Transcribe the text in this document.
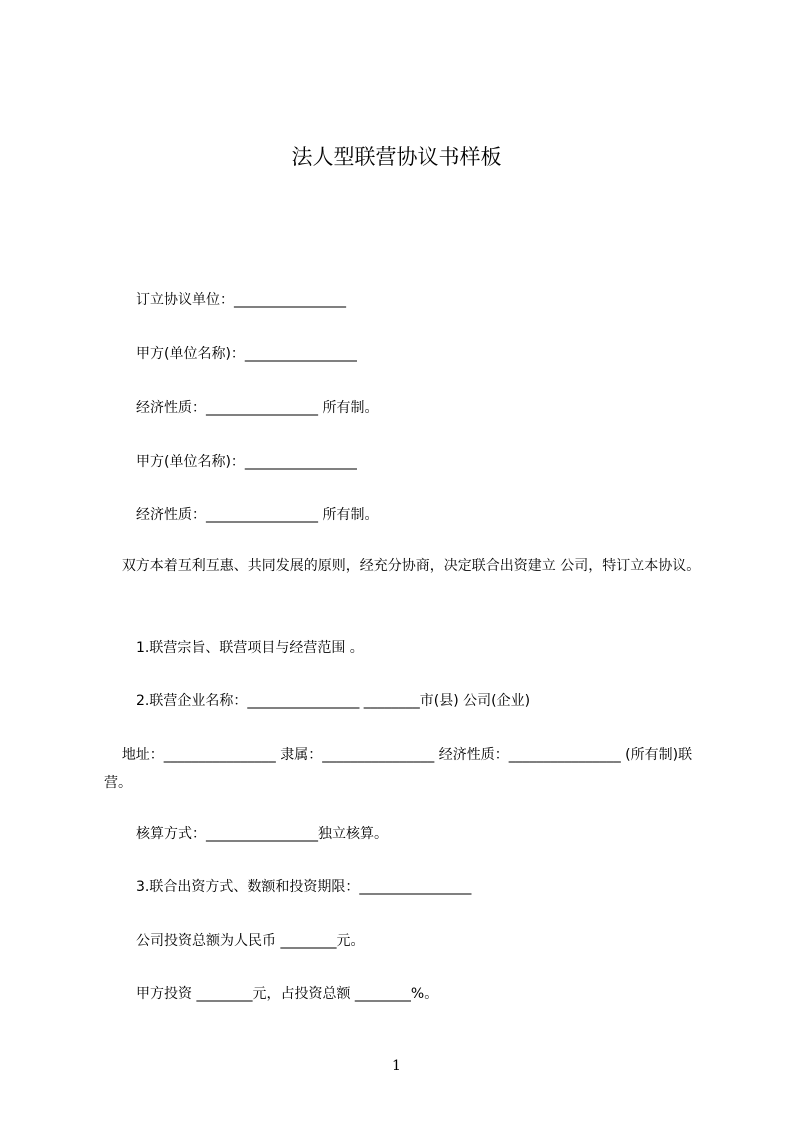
法人型联营协议书样板
订立协议单位：________________
甲方(单位名称)：________________
经济性质：________________ 所有制。
甲方(单位名称)：________________
经济性质：________________ 所有制。
双方本着互利互惠、共同发展的原则，经充分协商，决定联合出资建立 公司，特订立本协议。
1.联营宗旨、联营项目与经营范围 。
2.联营企业名称：________________ ________市(县) 公司(企业)
地址：________________ 隶属：________________ 经济性质：________________ (所有制)联营。
核算方式：________________独立核算。
3.联合出资方式、数额和投资期限：________________
公司投资总额为人民币 ________元。
甲方投资 ________元，占投资总额 ________%。
1
